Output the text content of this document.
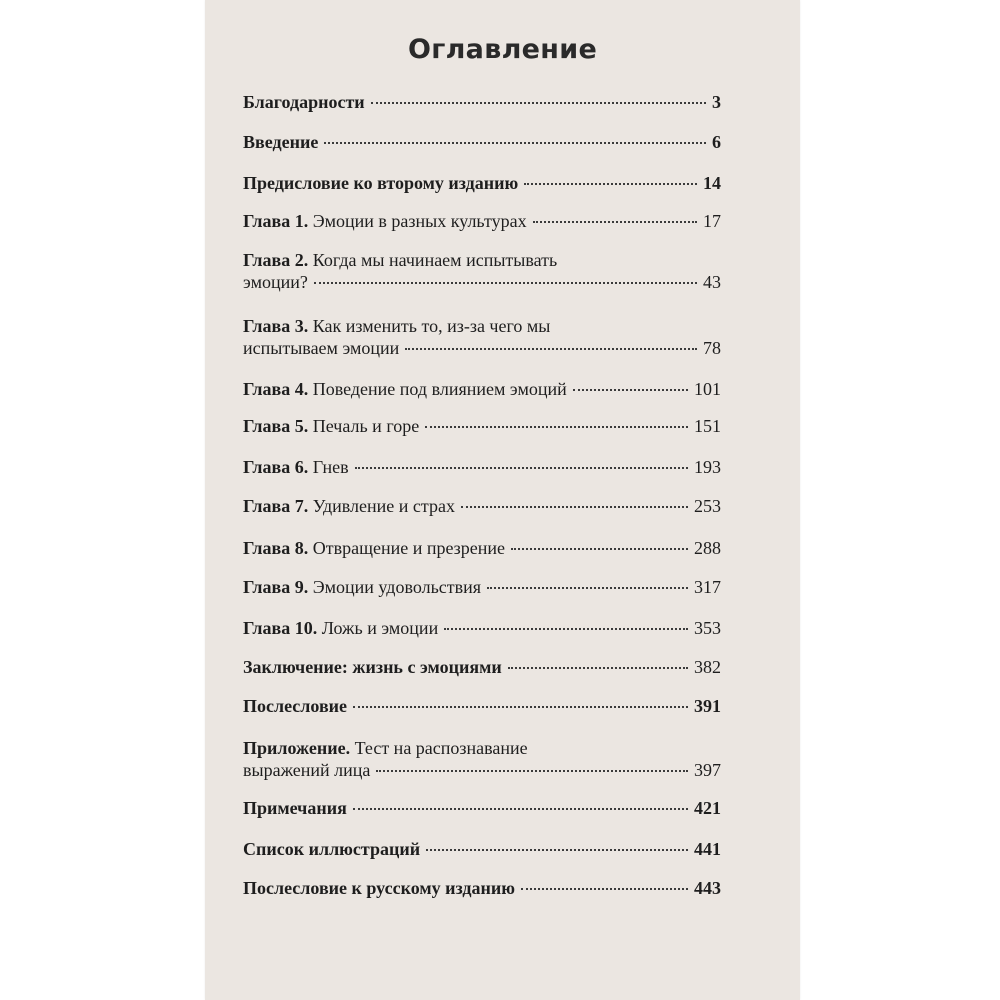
Оглавление
Благодарности	3
Введение	6
Предисловие ко второму изданию	14
Глава 1. Эмоции в разных культурах	17
Глава 2. Когда мы начинаем испытывать
эмоции?	43
Глава 3. Как изменить то, из-за чего мы
испытываем эмоции	78
Глава 4. Поведение под влиянием эмоций	101
Глава 5. Печаль и горе	151
Глава 6. Гнев	193
Глава 7. Удивление и страх	253
Глава 8. Отвращение и презрение	288
Глава 9. Эмоции удовольствия	317
Глава 10. Ложь и эмоции	353
Заключение: жизнь с эмоциями	382
Послесловие	391
Приложение. Тест на распознавание
выражений лица	397
Примечания	421
Список иллюстраций	441
Послесловие к русскому изданию	443
